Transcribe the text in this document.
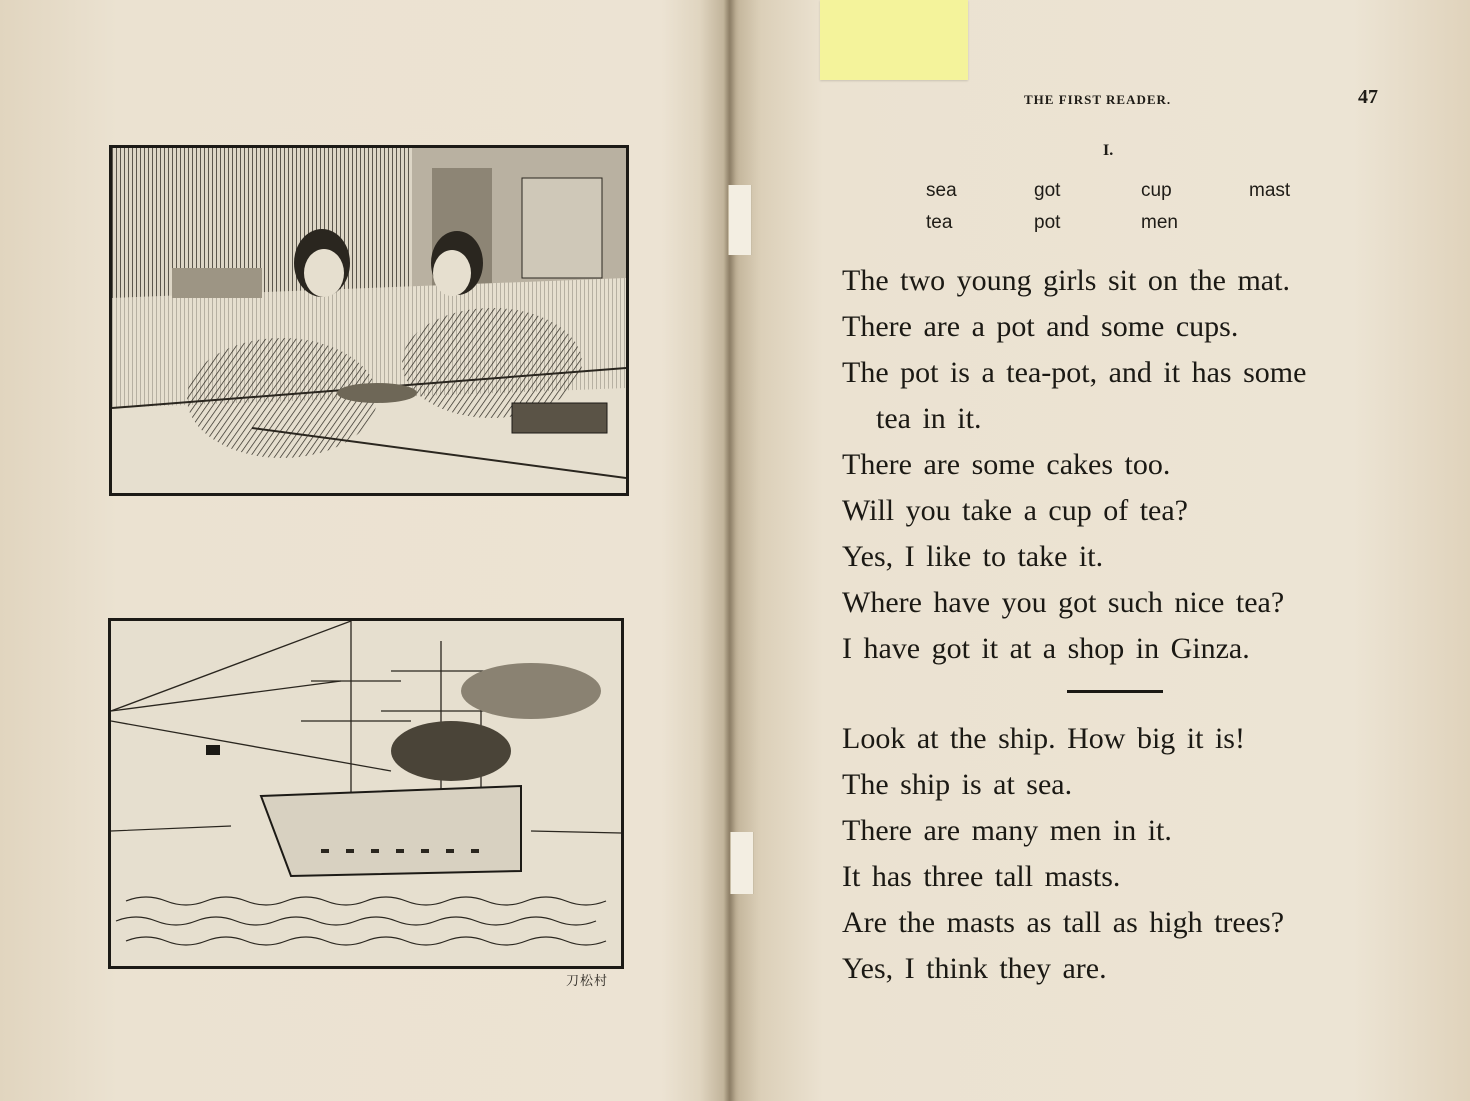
刀松村
THE FIRST READER.	47
I.
sea	got	cup	mast
tea	pot	men
The two young girls sit on the mat.
There are a pot and some cups.
The pot is a tea-pot, and it has some
tea in it.
There are some cakes too.
Will you take a cup of tea?
Yes, I like to take it.
Where have you got such nice tea?
I have got it at a shop in Ginza.
Look at the ship. How big it is!
The ship is at sea.
There are many men in it.
It has three tall masts.
Are the masts as tall as high trees?
Yes, I think they are.
